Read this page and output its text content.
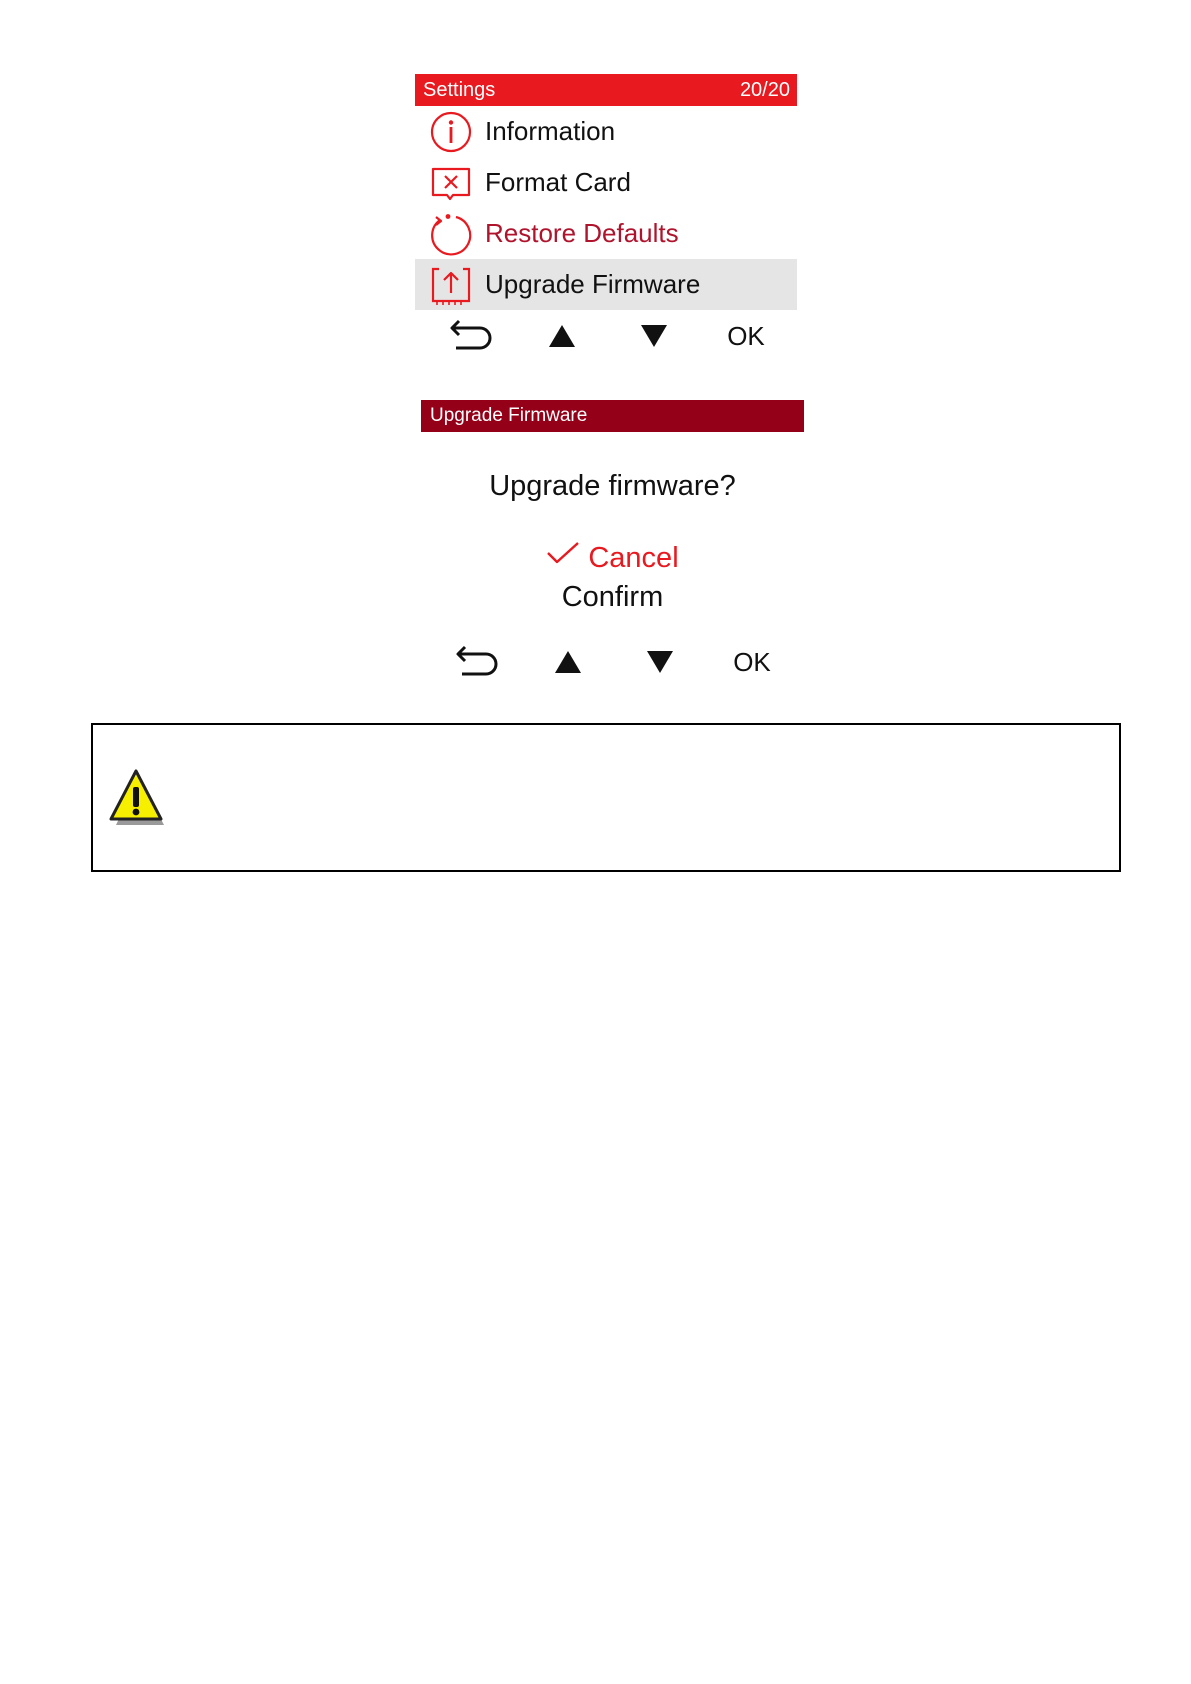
Settings	20/20
Information
Format Card
Restore Defaults
Upgrade Firmware
OK
Upgrade Firmware
Upgrade firmware?
Cancel
Confirm
OK
